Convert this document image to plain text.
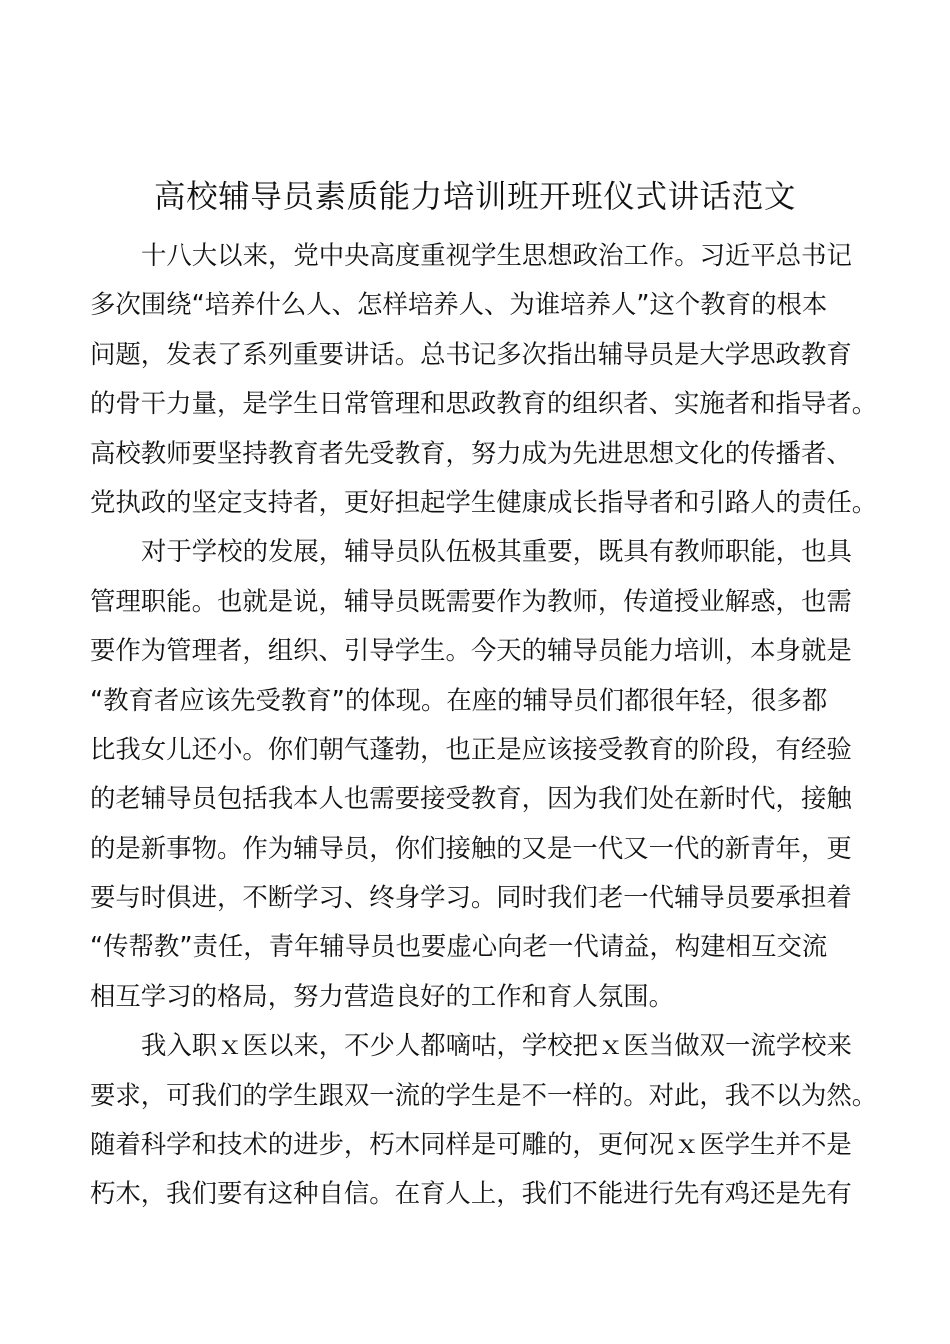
高校辅导员素质能力培训班开班仪式讲话范文
十八大以来，党中央高度重视学生思想政治工作。习近平总书记
多次围绕“培养什么人、怎样培养人、为谁培养人”这个教育的根本
问题，发表了系列重要讲话。总书记多次指出辅导员是大学思政教育
的骨干力量，是学生日常管理和思政教育的组织者、实施者和指导者。
高校教师要坚持教育者先受教育，努力成为先进思想文化的传播者、
党执政的坚定支持者，更好担起学生健康成长指导者和引路人的责任。
对于学校的发展，辅导员队伍极其重要，既具有教师职能，也具
管理职能。也就是说，辅导员既需要作为教师，传道授业解惑，也需
要作为管理者，组织、引导学生。今天的辅导员能力培训，本身就是
“教育者应该先受教育”的体现。在座的辅导员们都很年轻，很多都
比我女儿还小。你们朝气蓬勃，也正是应该接受教育的阶段，有经验
的老辅导员包括我本人也需要接受教育，因为我们处在新时代，接触
的是新事物。作为辅导员，你们接触的又是一代又一代的新青年，更
要与时俱进，不断学习、终身学习。同时我们老一代辅导员要承担着
“传帮教”责任，青年辅导员也要虚心向老一代请益，构建相互交流
相互学习的格局，努力营造良好的工作和育人氛围。
我入职ｘ医以来，不少人都嘀咕，学校把ｘ医当做双一流学校来
要求，可我们的学生跟双一流的学生是不一样的。对此，我不以为然。
随着科学和技术的进步，朽木同样是可雕的，更何况ｘ医学生并不是
朽木，我们要有这种自信。在育人上，我们不能进行先有鸡还是先有
